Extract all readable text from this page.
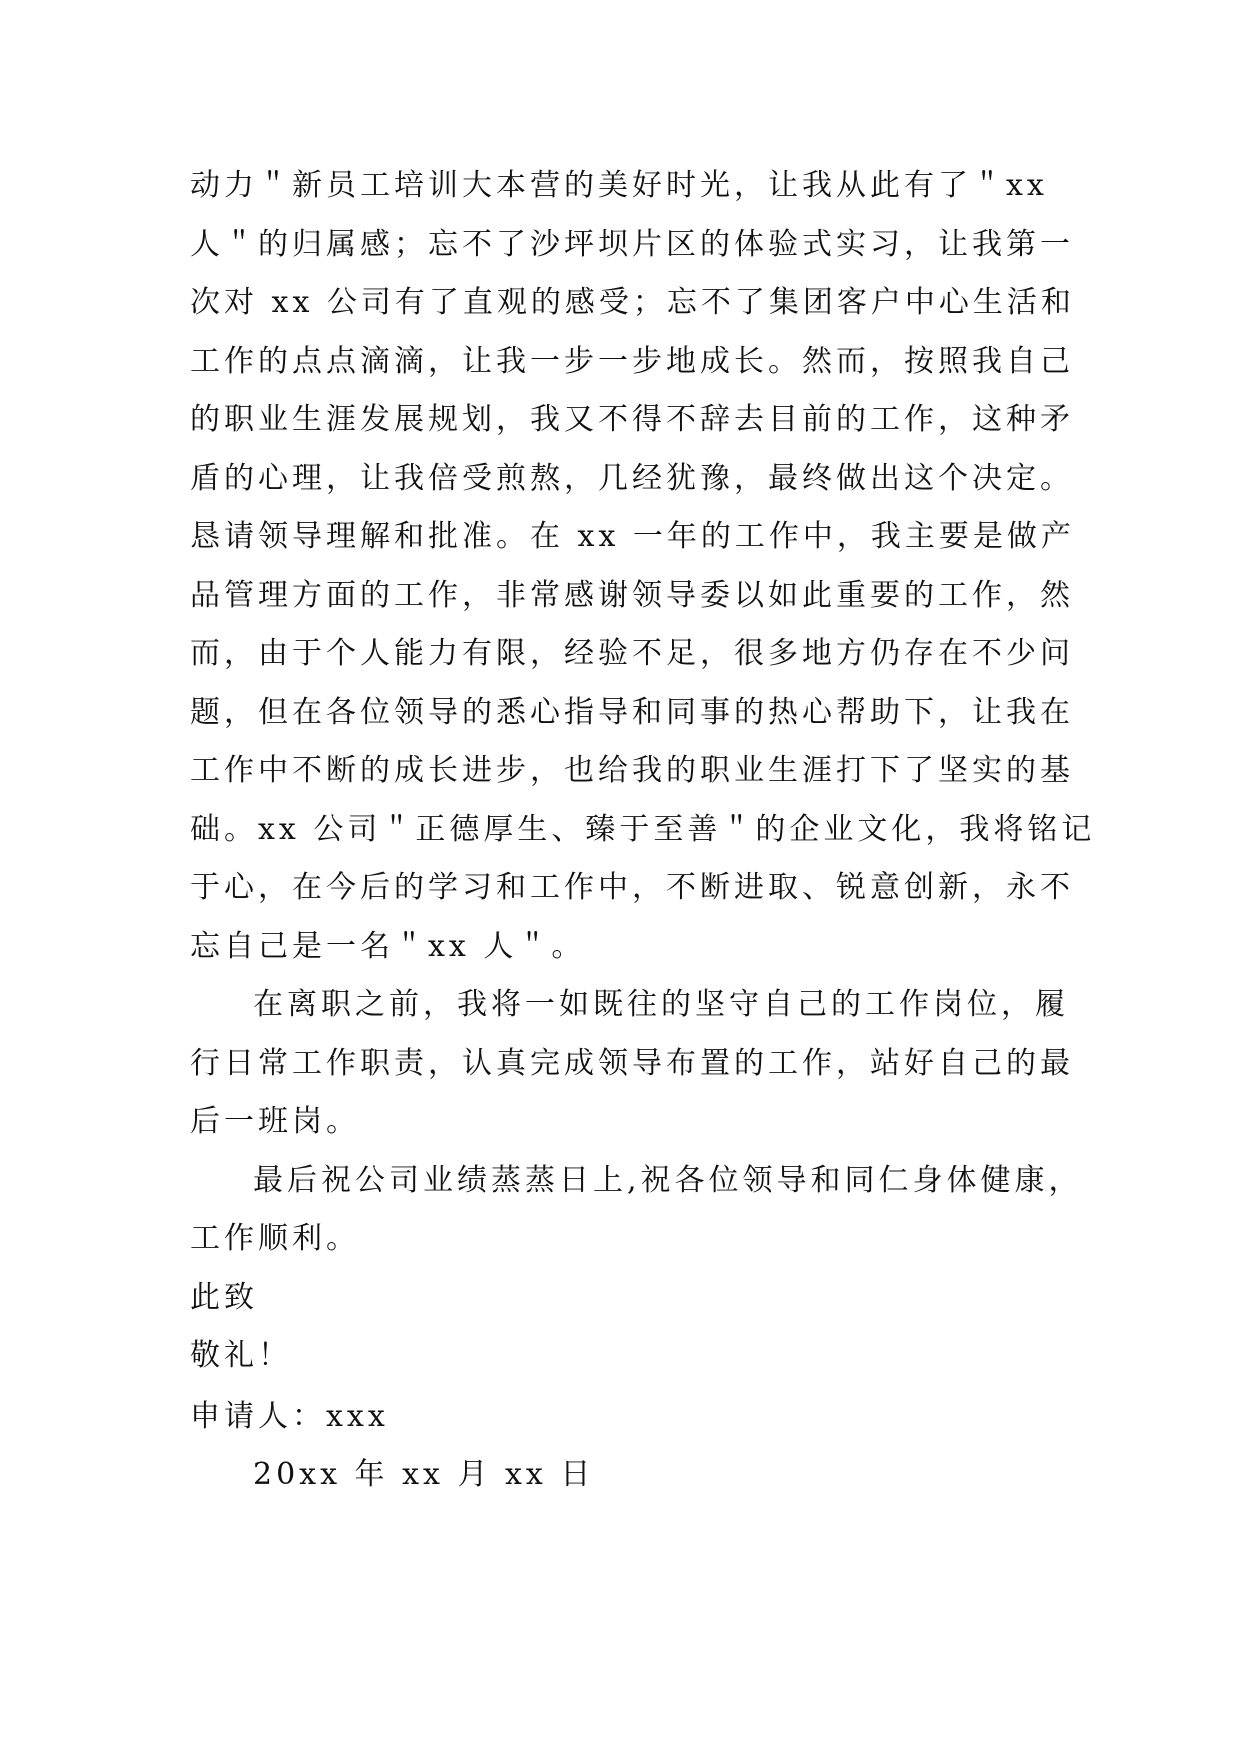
动力＂新员工培训大本营的美好时光，让我从此有了＂xx
人＂的归属感；忘不了沙坪坝片区的体验式实习，让我第一
次对 xx 公司有了直观的感受；忘不了集团客户中心生活和
工作的点点滴滴，让我一步一步地成长。然而，按照我自己
的职业生涯发展规划，我又不得不辞去目前的工作，这种矛
盾的心理，让我倍受煎熬，几经犹豫，最终做出这个决定。
恳请领导理解和批准。在 xx 一年的工作中，我主要是做产
品管理方面的工作，非常感谢领导委以如此重要的工作，然
而，由于个人能力有限，经验不足，很多地方仍存在不少问
题，但在各位领导的悉心指导和同事的热心帮助下，让我在
工作中不断的成长进步，也给我的职业生涯打下了坚实的基
础。xx 公司＂正德厚生、臻于至善＂的企业文化，我将铭记
于心，在今后的学习和工作中，不断进取、锐意创新，永不
忘自己是一名＂xx 人＂。
在离职之前，我将一如既往的坚守自己的工作岗位，履
行日常工作职责，认真完成领导布置的工作，站好自己的最
后一班岗。
最后祝公司业绩蒸蒸日上,祝各位领导和同仁身体健康，
工作顺利。
此致
敬礼！
申请人：xxx
20xx 年 xx 月 xx 日
